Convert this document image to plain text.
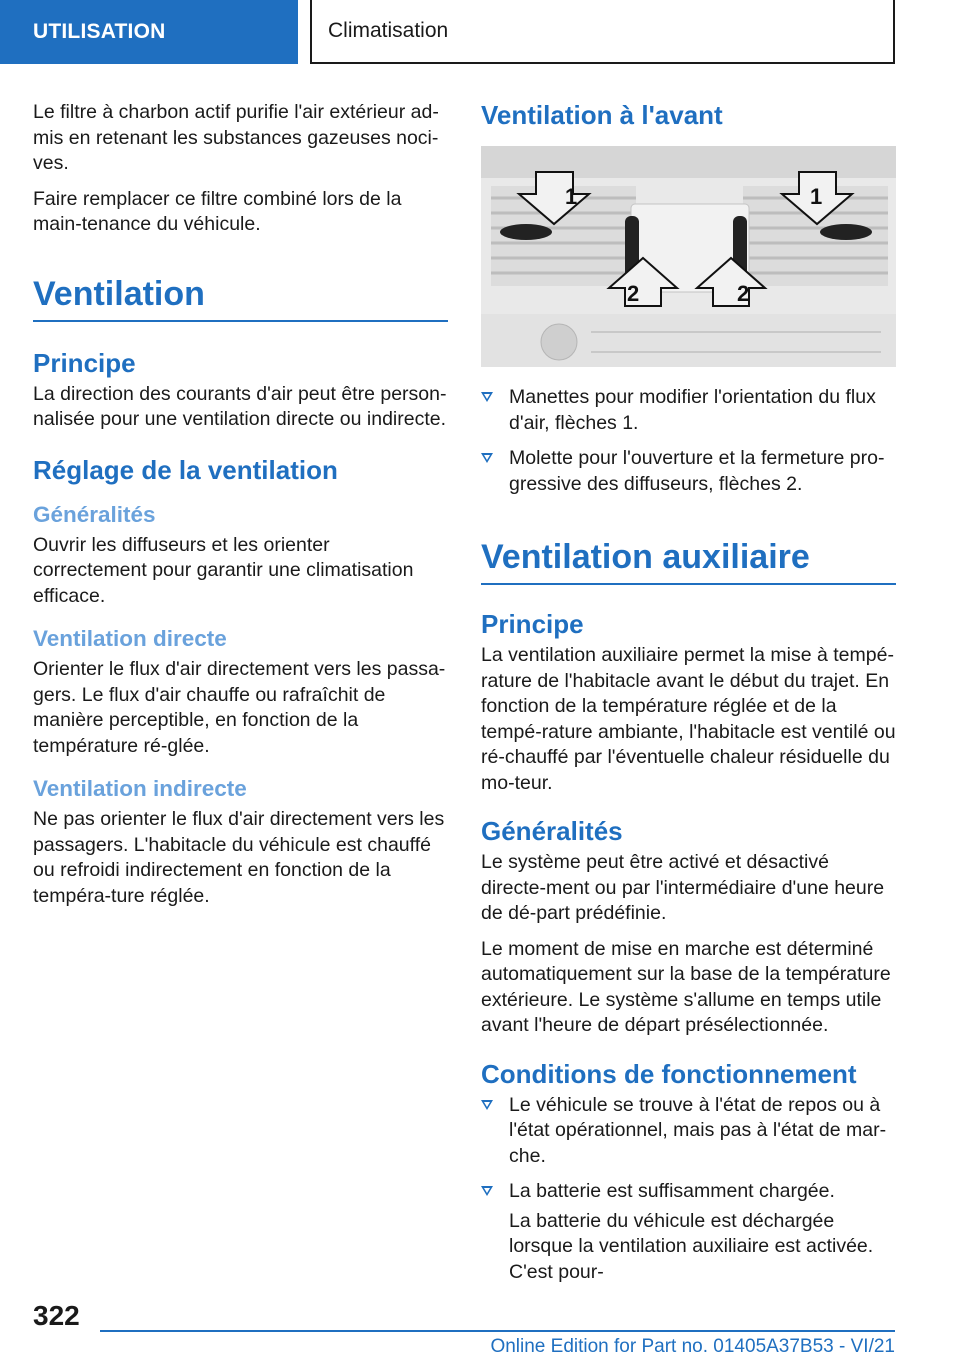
UTILISATION	Climatisation

Le filtre à charbon actif purifie l'air extérieur ad-mis en retenant les substances gazeuses noci-ves.

Faire remplacer ce filtre combiné lors de la main-tenance du véhicule.

Ventilation
Principe

La direction des courants d'air peut être person-nalisée pour une ventilation directe ou indirecte.

Réglage de la ventilation
Généralités

Ouvrir les diffuseurs et les orienter correctement pour garantir une climatisation efficace.

Ventilation directe

Orienter le flux d'air directement vers les passa-gers. Le flux d'air chauffe ou rafraîchit de manière perceptible, en fonction de la température ré-glée.

Ventilation indirecte

Ne pas orienter le flux d'air directement vers les passagers. L'habitacle du véhicule est chauffé ou refroidi indirectement en fonction de la tempéra-ture réglée.

Ventilation à l'avant
1	1
2	2
Manettes pour modifier l'orientation du flux d'air, flèches 1.
Molette pour l'ouverture et la fermeture pro-gressive des diffuseurs, flèches 2.
Ventilation auxiliaire
Principe

La ventilation auxiliaire permet la mise à tempé-rature de l'habitacle avant le début du trajet. En fonction de la température réglée et de la tempé-rature ambiante, l'habitacle est ventilé ou ré-chauffé par l'éventuelle chaleur résiduelle du mo-teur.

Généralités

Le système peut être activé et désactivé directe-ment ou par l'intermédiaire d'une heure de dé-part prédéfinie.

Le moment de mise en marche est déterminé automatiquement sur la base de la température extérieure. Le système s'allume en temps utile avant l'heure de départ présélectionnée.

Conditions de fonctionnement
Le véhicule se trouve à l'état de repos ou à l'état opérationnel, mais pas à l'état de mar-che.
La batterie est suffisamment chargée.
La batterie du véhicule est déchargée lorsque la ventilation auxiliaire est activée. C'est pour-
322
Online Edition for Part no. 01405A37B53 - VI/21
